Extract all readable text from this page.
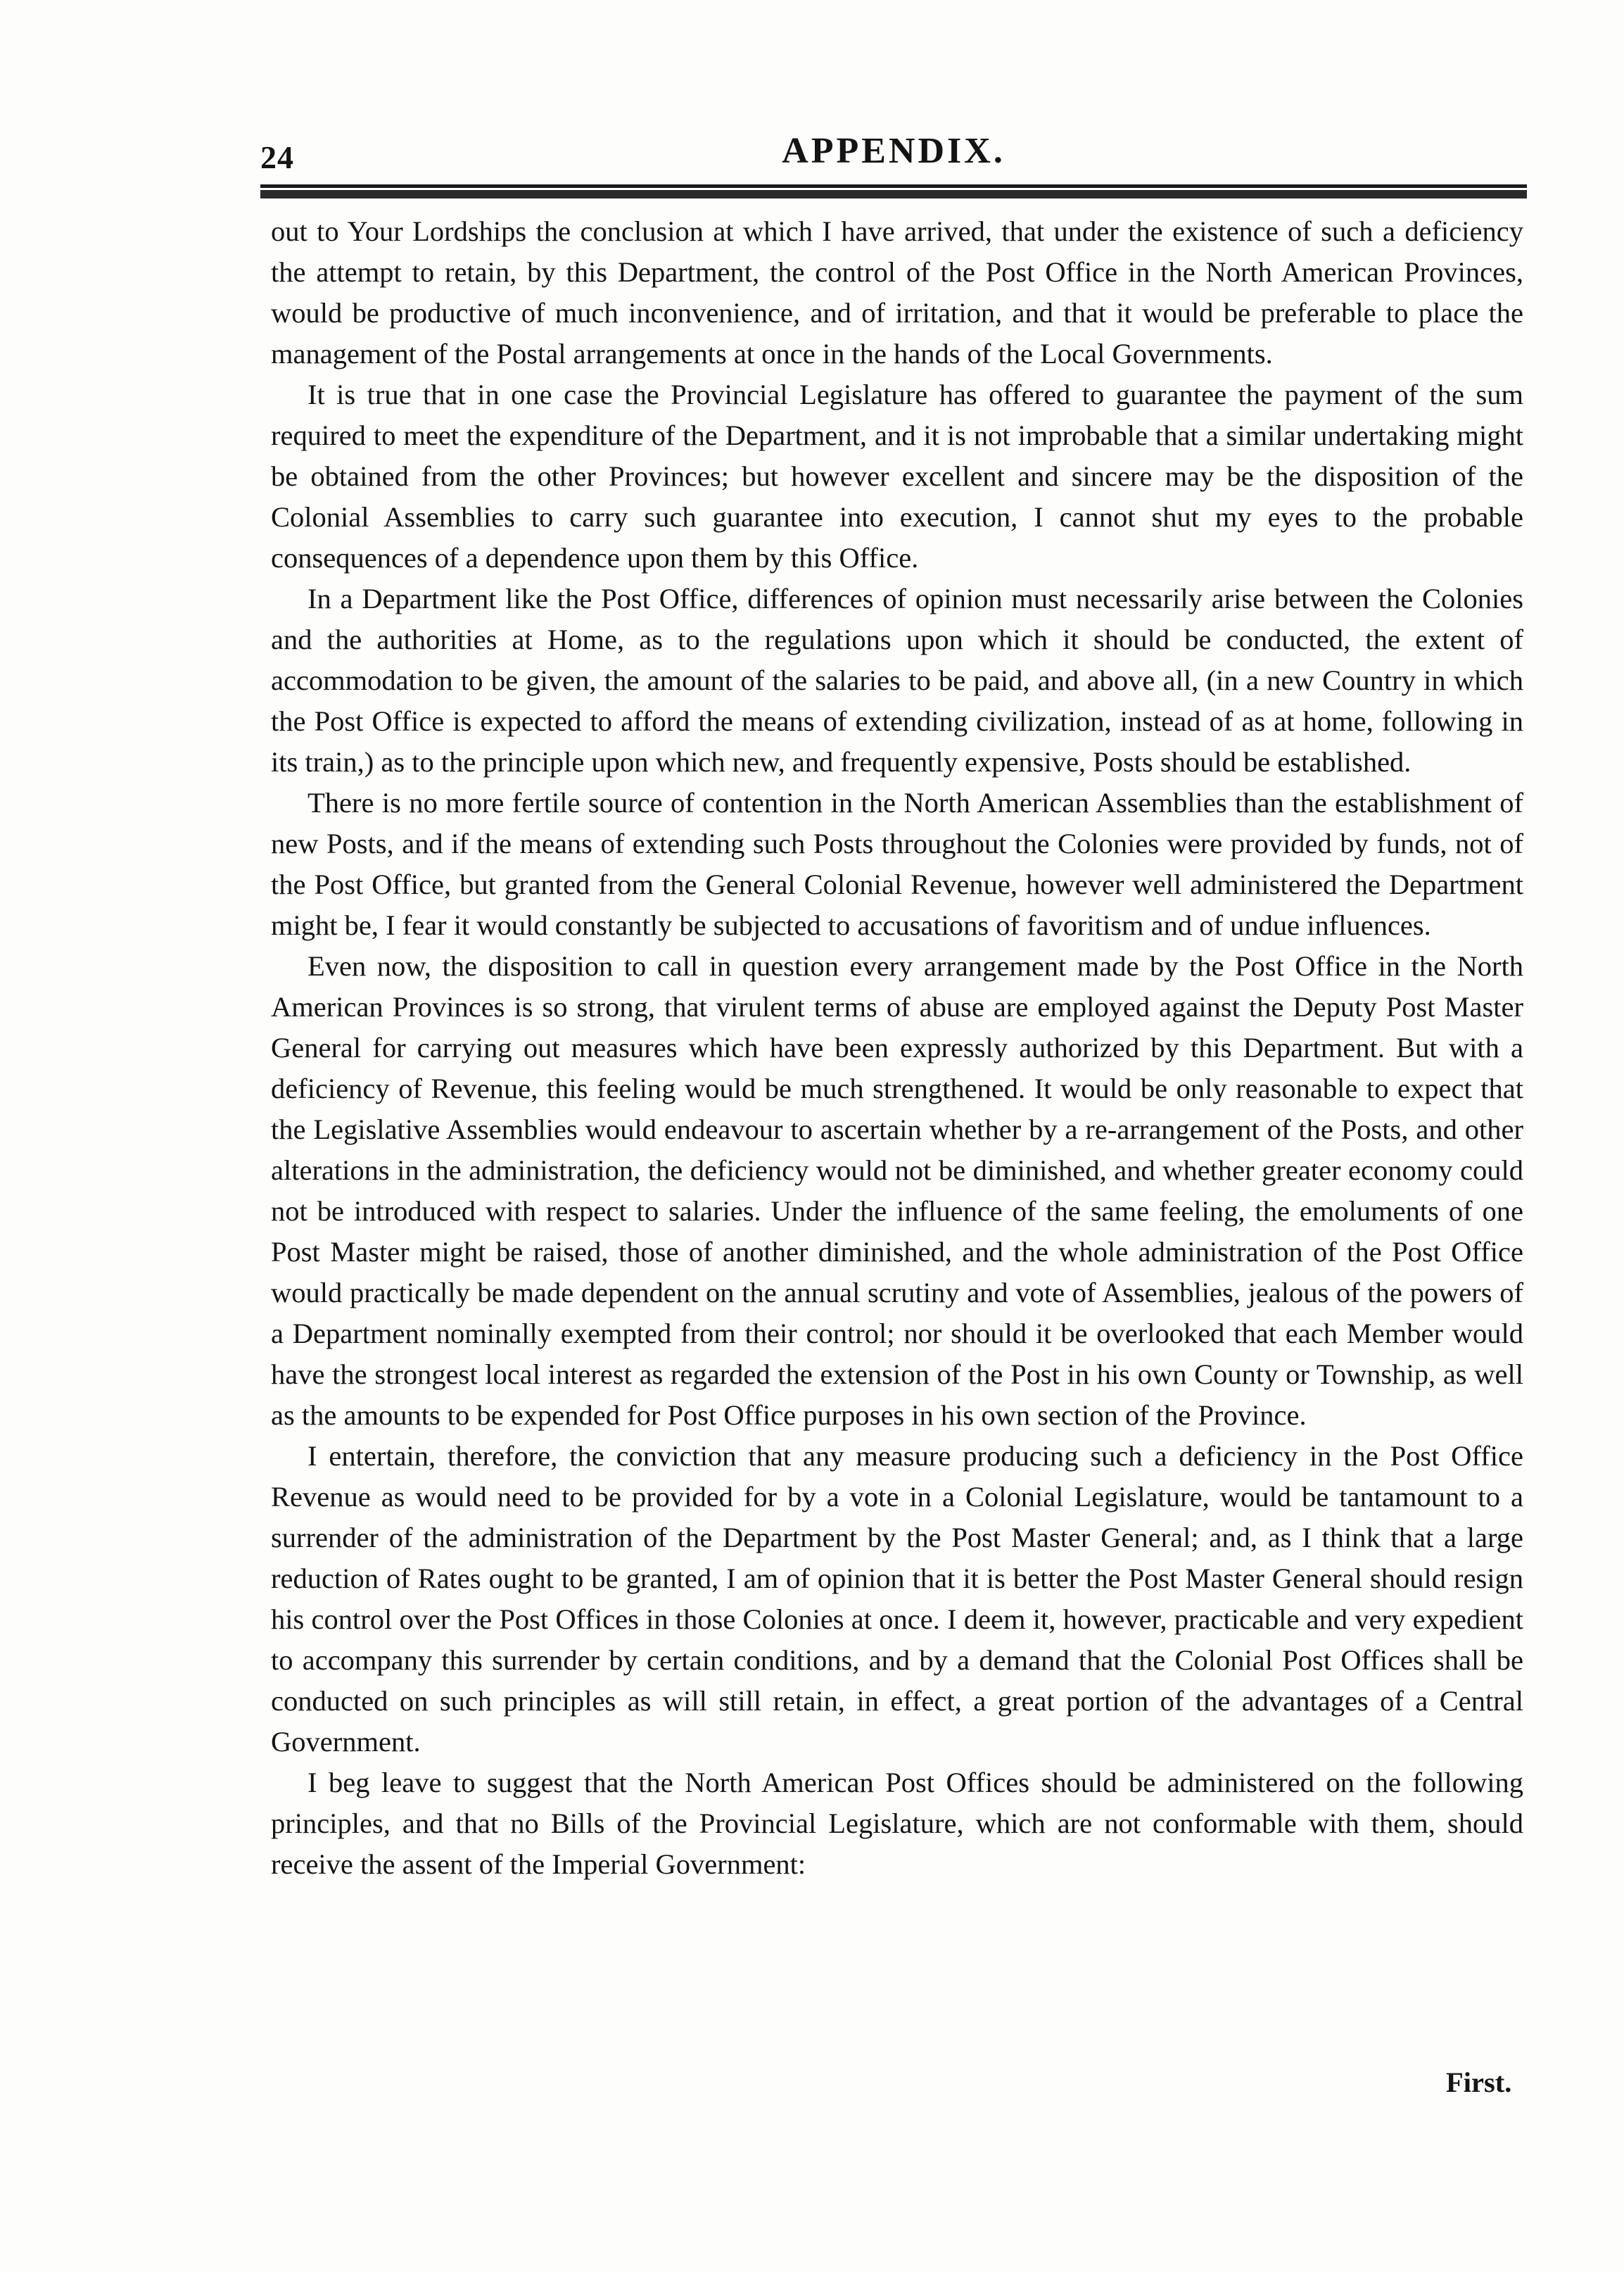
24	APPENDIX.

out to Your Lordships the conclusion at which I have arrived, that under the existence of such a deficiency the attempt to retain, by this Department, the control of the Post Office in the North American Provinces, would be productive of much inconvenience, and of irritation, and that it would be preferable to place the management of the Postal arrangements at once in the hands of the Local Governments.

It is true that in one case the Provincial Legislature has offered to guarantee the payment of the sum required to meet the expenditure of the Department, and it is not improbable that a similar undertaking might be obtained from the other Provinces; but however excellent and sincere may be the disposition of the Colonial Assemblies to carry such guarantee into execution, I cannot shut my eyes to the probable consequences of a dependence upon them by this Office.

In a Department like the Post Office, differences of opinion must necessarily arise between the Colonies and the authorities at Home, as to the regulations upon which it should be conducted, the extent of accommodation to be given, the amount of the salaries to be paid, and above all, (in a new Country in which the Post Office is expected to afford the means of extending civilization, instead of as at home, following in its train,) as to the principle upon which new, and frequently expensive, Posts should be established.

There is no more fertile source of contention in the North American Assemblies than the establishment of new Posts, and if the means of extending such Posts throughout the Colonies were provided by funds, not of the Post Office, but granted from the General Colonial Revenue, however well administered the Department might be, I fear it would constantly be subjected to accusations of favoritism and of undue influences.

Even now, the disposition to call in question every arrangement made by the Post Office in the North American Provinces is so strong, that virulent terms of abuse are employed against the Deputy Post Master General for carrying out measures which have been expressly authorized by this Department. But with a deficiency of Revenue, this feeling would be much strengthened. It would be only reasonable to expect that the Legislative Assemblies would endeavour to ascertain whether by a re-arrangement of the Posts, and other alterations in the administration, the deficiency would not be diminished, and whether greater economy could not be introduced with respect to salaries. Under the influence of the same feeling, the emoluments of one Post Master might be raised, those of another diminished, and the whole administration of the Post Office would practically be made dependent on the annual scrutiny and vote of Assemblies, jealous of the powers of a Department nominally exempted from their control; nor should it be overlooked that each Member would have the strongest local interest as regarded the extension of the Post in his own County or Township, as well as the amounts to be expended for Post Office purposes in his own section of the Province.

I entertain, therefore, the conviction that any measure producing such a deficiency in the Post Office Revenue as would need to be provided for by a vote in a Colonial Legislature, would be tantamount to a surrender of the administration of the Department by the Post Master General; and, as I think that a large reduction of Rates ought to be granted, I am of opinion that it is better the Post Master General should resign his control over the Post Offices in those Colonies at once. I deem it, however, practicable and very expedient to accompany this surrender by certain conditions, and by a demand that the Colonial Post Offices shall be conducted on such principles as will still retain, in effect, a great portion of the advantages of a Central Government.

I beg leave to suggest that the North American Post Offices should be administered on the following principles, and that no Bills of the Provincial Legislature, which are not conformable with them, should receive the assent of the Imperial Government:

First.
